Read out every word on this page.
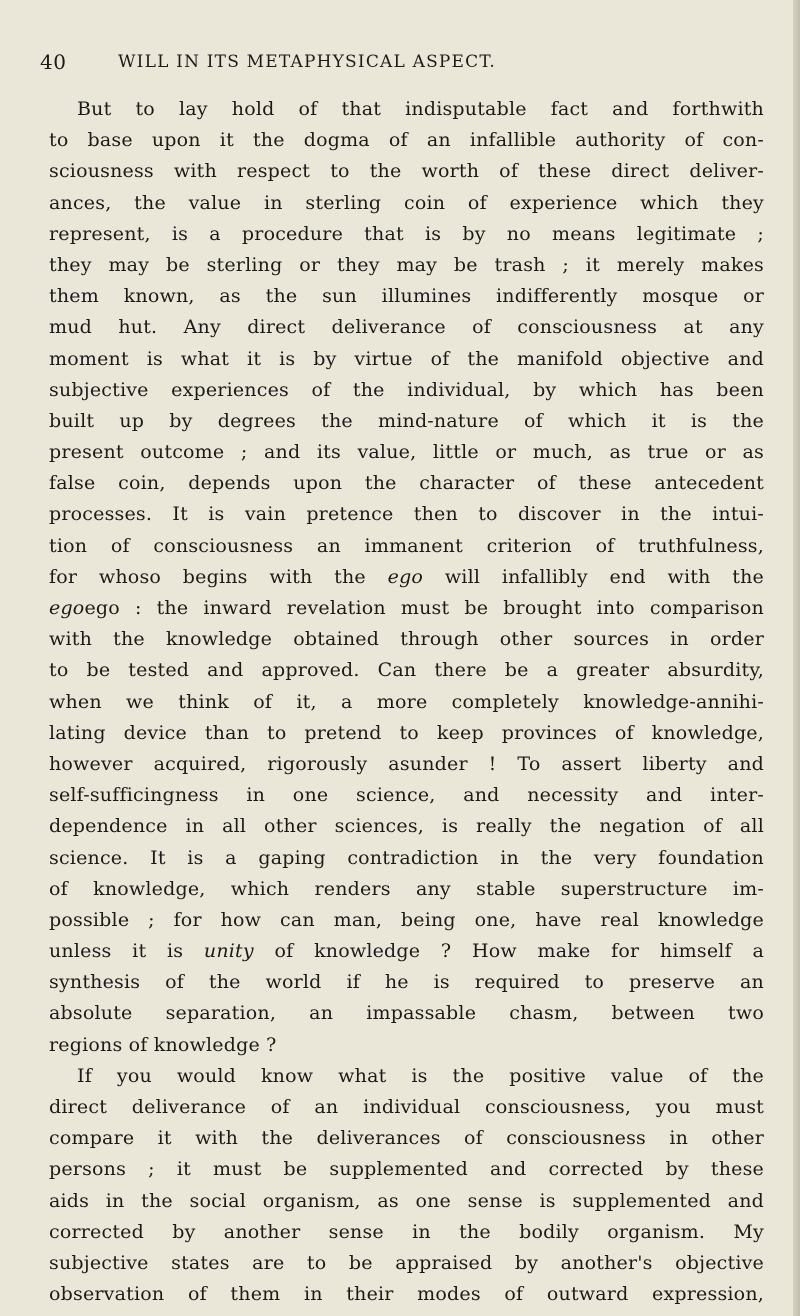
40	WILL IN ITS METAPHYSICAL ASPECT.
But to lay hold of that indisputable fact and forthwith
to base upon it the dogma of an infallible authority of con-
sciousness with respect to the worth of these direct deliver-
ances, the value in sterling coin of experience which they
represent, is a procedure that is by no means legitimate ;
they may be sterling or they may be trash ; it merely makes
them known, as the sun illumines indifferently mosque or
mud hut. Any direct deliverance of consciousness at any
moment is what it is by virtue of the manifold objective and
subjective experiences of the individual, by which has been
built up by degrees the mind-nature of which it is the
present outcome ; and its value, little or much, as true or as
false coin, depends upon the character of these antecedent
processes. It is vain pretence then to discover in the intui-
tion of consciousness an immanent criterion of truthfulness,
for whoso begins with the ego will infallibly end with the
egoego : the inward revelation must be brought into comparison
with the knowledge obtained through other sources in order
to be tested and approved. Can there be a greater absurdity,
when we think of it, a more completely knowledge-annihi-
lating device than to pretend to keep provinces of knowledge,
however acquired, rigorously asunder ! To assert liberty and
self-sufficingness in one science, and necessity and inter-
dependence in all other sciences, is really the negation of all
science. It is a gaping contradiction in the very foundation
of knowledge, which renders any stable superstructure im-
possible ; for how can man, being one, have real knowledge
unless it is unity of knowledge ? How make for himself a
synthesis of the world if he is required to preserve an
absolute separation, an impassable chasm, between two
regions of knowledge ?
If you would know what is the positive value of the
direct deliverance of an individual consciousness, you must
compare it with the deliverances of consciousness in other
persons ; it must be supplemented and corrected by these
aids in the social organism, as one sense is supplemented and
corrected by another sense in the bodily organism. My
subjective states are to be appraised by another's objective
observation of them in their modes of outward expression,
